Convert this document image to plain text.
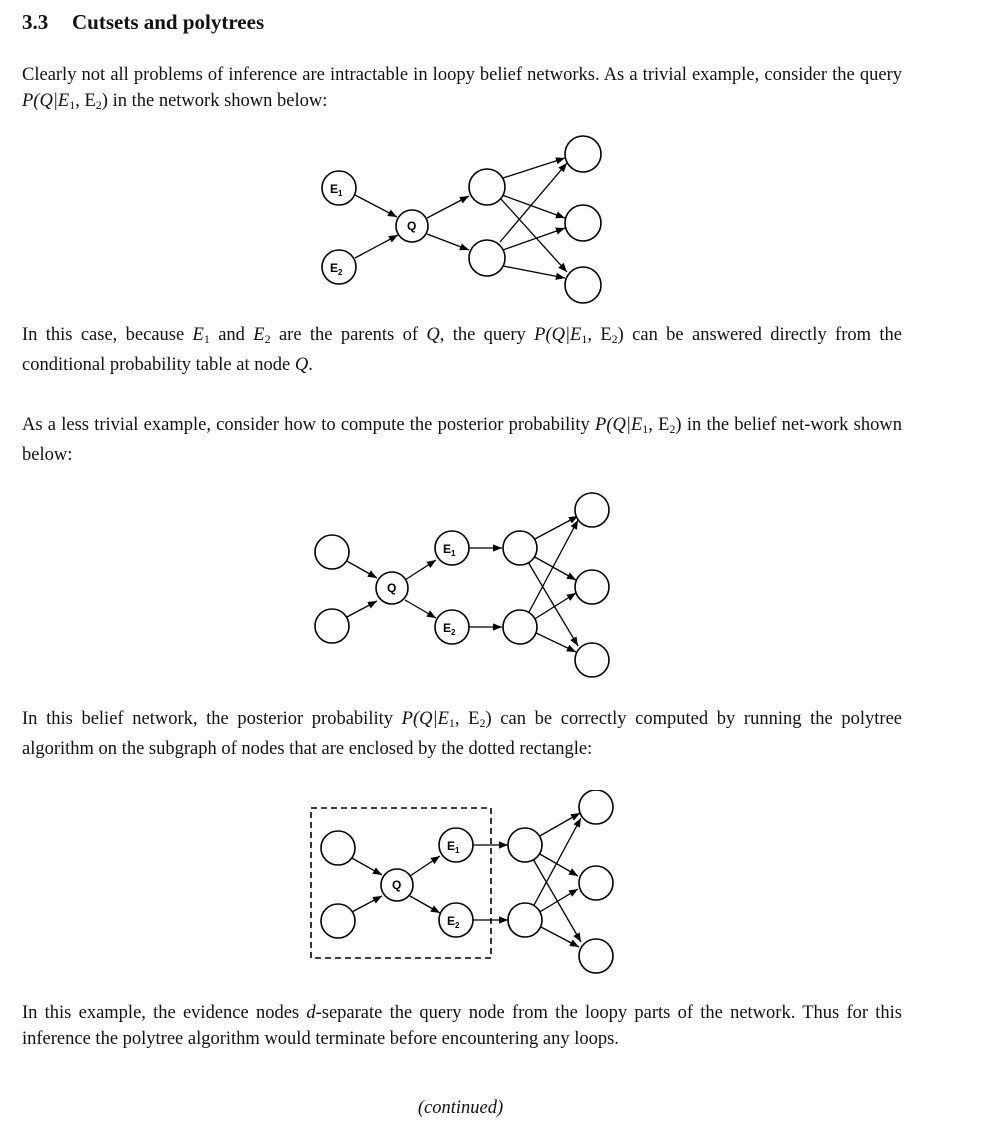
3.3 Cutsets and polytrees
Clearly not all problems of inference are intractable in loopy belief networks. As a trivial example, consider the query $P(Q|E_1$, $E_2$) in the network shown below:
$E_1$
$E_2$
Q
In this case, because $E_1$ and $E_2$ are the parents of Q, the query $P(Q|E_1$, $E_2$) can be answered directly from the conditional probability table at node Q.
As a less trivial example, consider how to compute the posterior probability $P(Q|E_1$, $E_2$) in the belief net-work shown below:
Q
$E_1$
$E_2$
In this belief network, the posterior probability $P(Q|E_1$, $E_2$) can be correctly computed by running the polytree algorithm on the subgraph of nodes that are enclosed by the dotted rectangle:
Q
$E_1$
$E_2$
In this example, the evidence nodes d-separate the query node from the loopy parts of the network. Thus for this inference the polytree algorithm would terminate before encountering any loops.
(continued)
